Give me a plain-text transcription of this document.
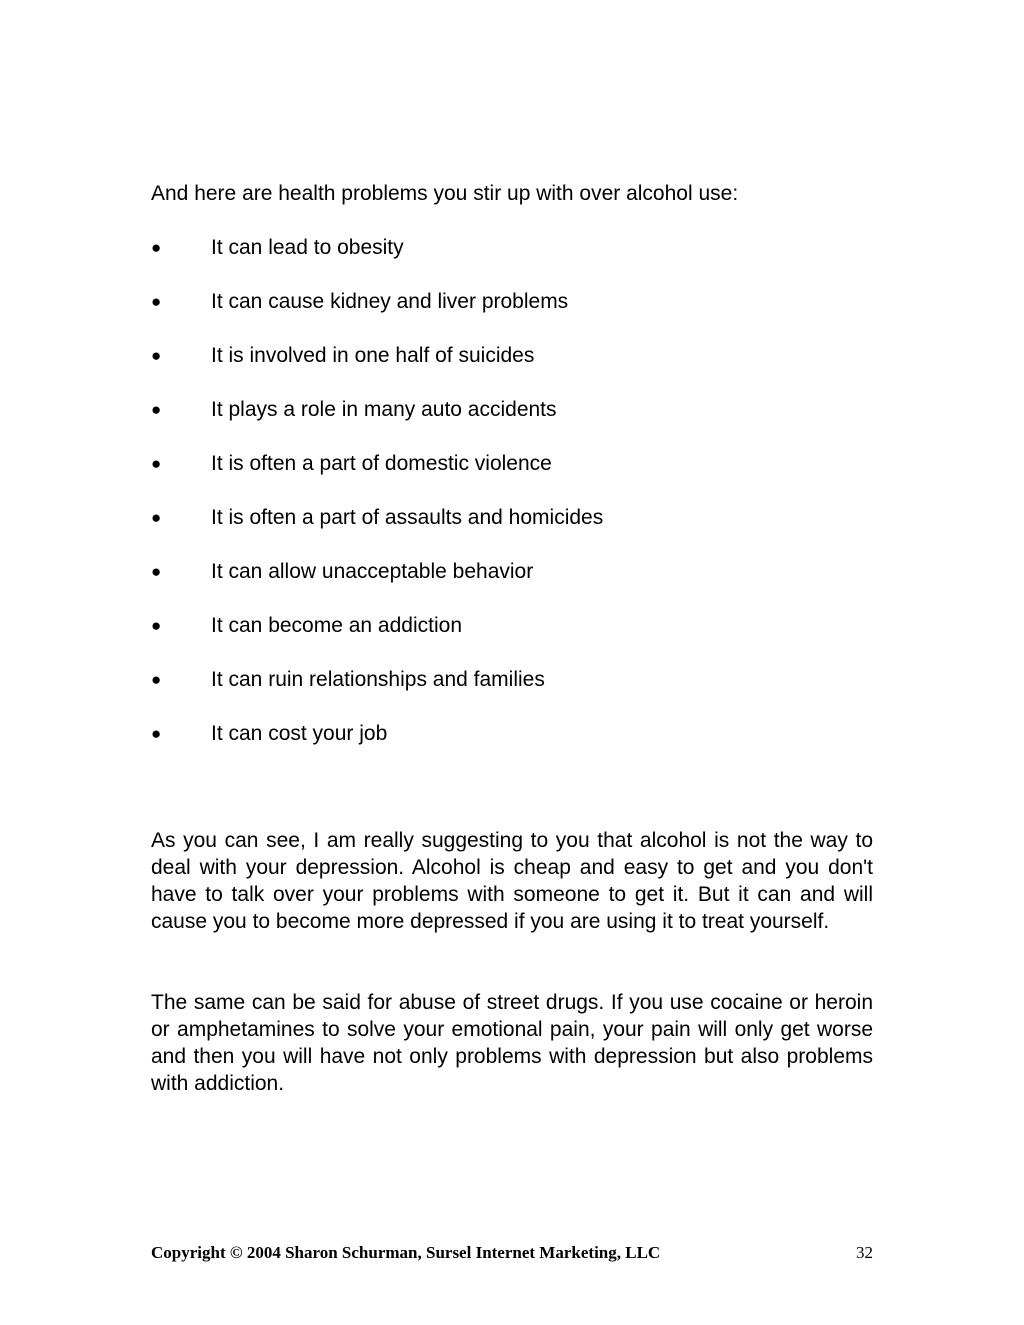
And here are health problems you stir up with over alcohol use:
● It can lead to obesity
● It can cause kidney and liver problems
● It is involved in one half of suicides
● It plays a role in many auto accidents
● It is often a part of domestic violence
● It is often a part of assaults and homicides
● It can allow unacceptable behavior
● It can become an addiction
● It can ruin relationships and families
● It can cost your job

As you can see, I am really suggesting to you that alcohol is not the way to deal with your depression. Alcohol is cheap and easy to get and you don't have to talk over your problems with someone to get it. But it can and will cause you to become more depressed if you are using it to treat yourself.

The same can be said for abuse of street drugs. If you use cocaine or heroin or amphetamines to solve your emotional pain, your pain will only get worse and then you will have not only problems with depression but also problems with addiction.

Copyright © 2004 Sharon Schurman, Sursel Internet Marketing, LLC	32
